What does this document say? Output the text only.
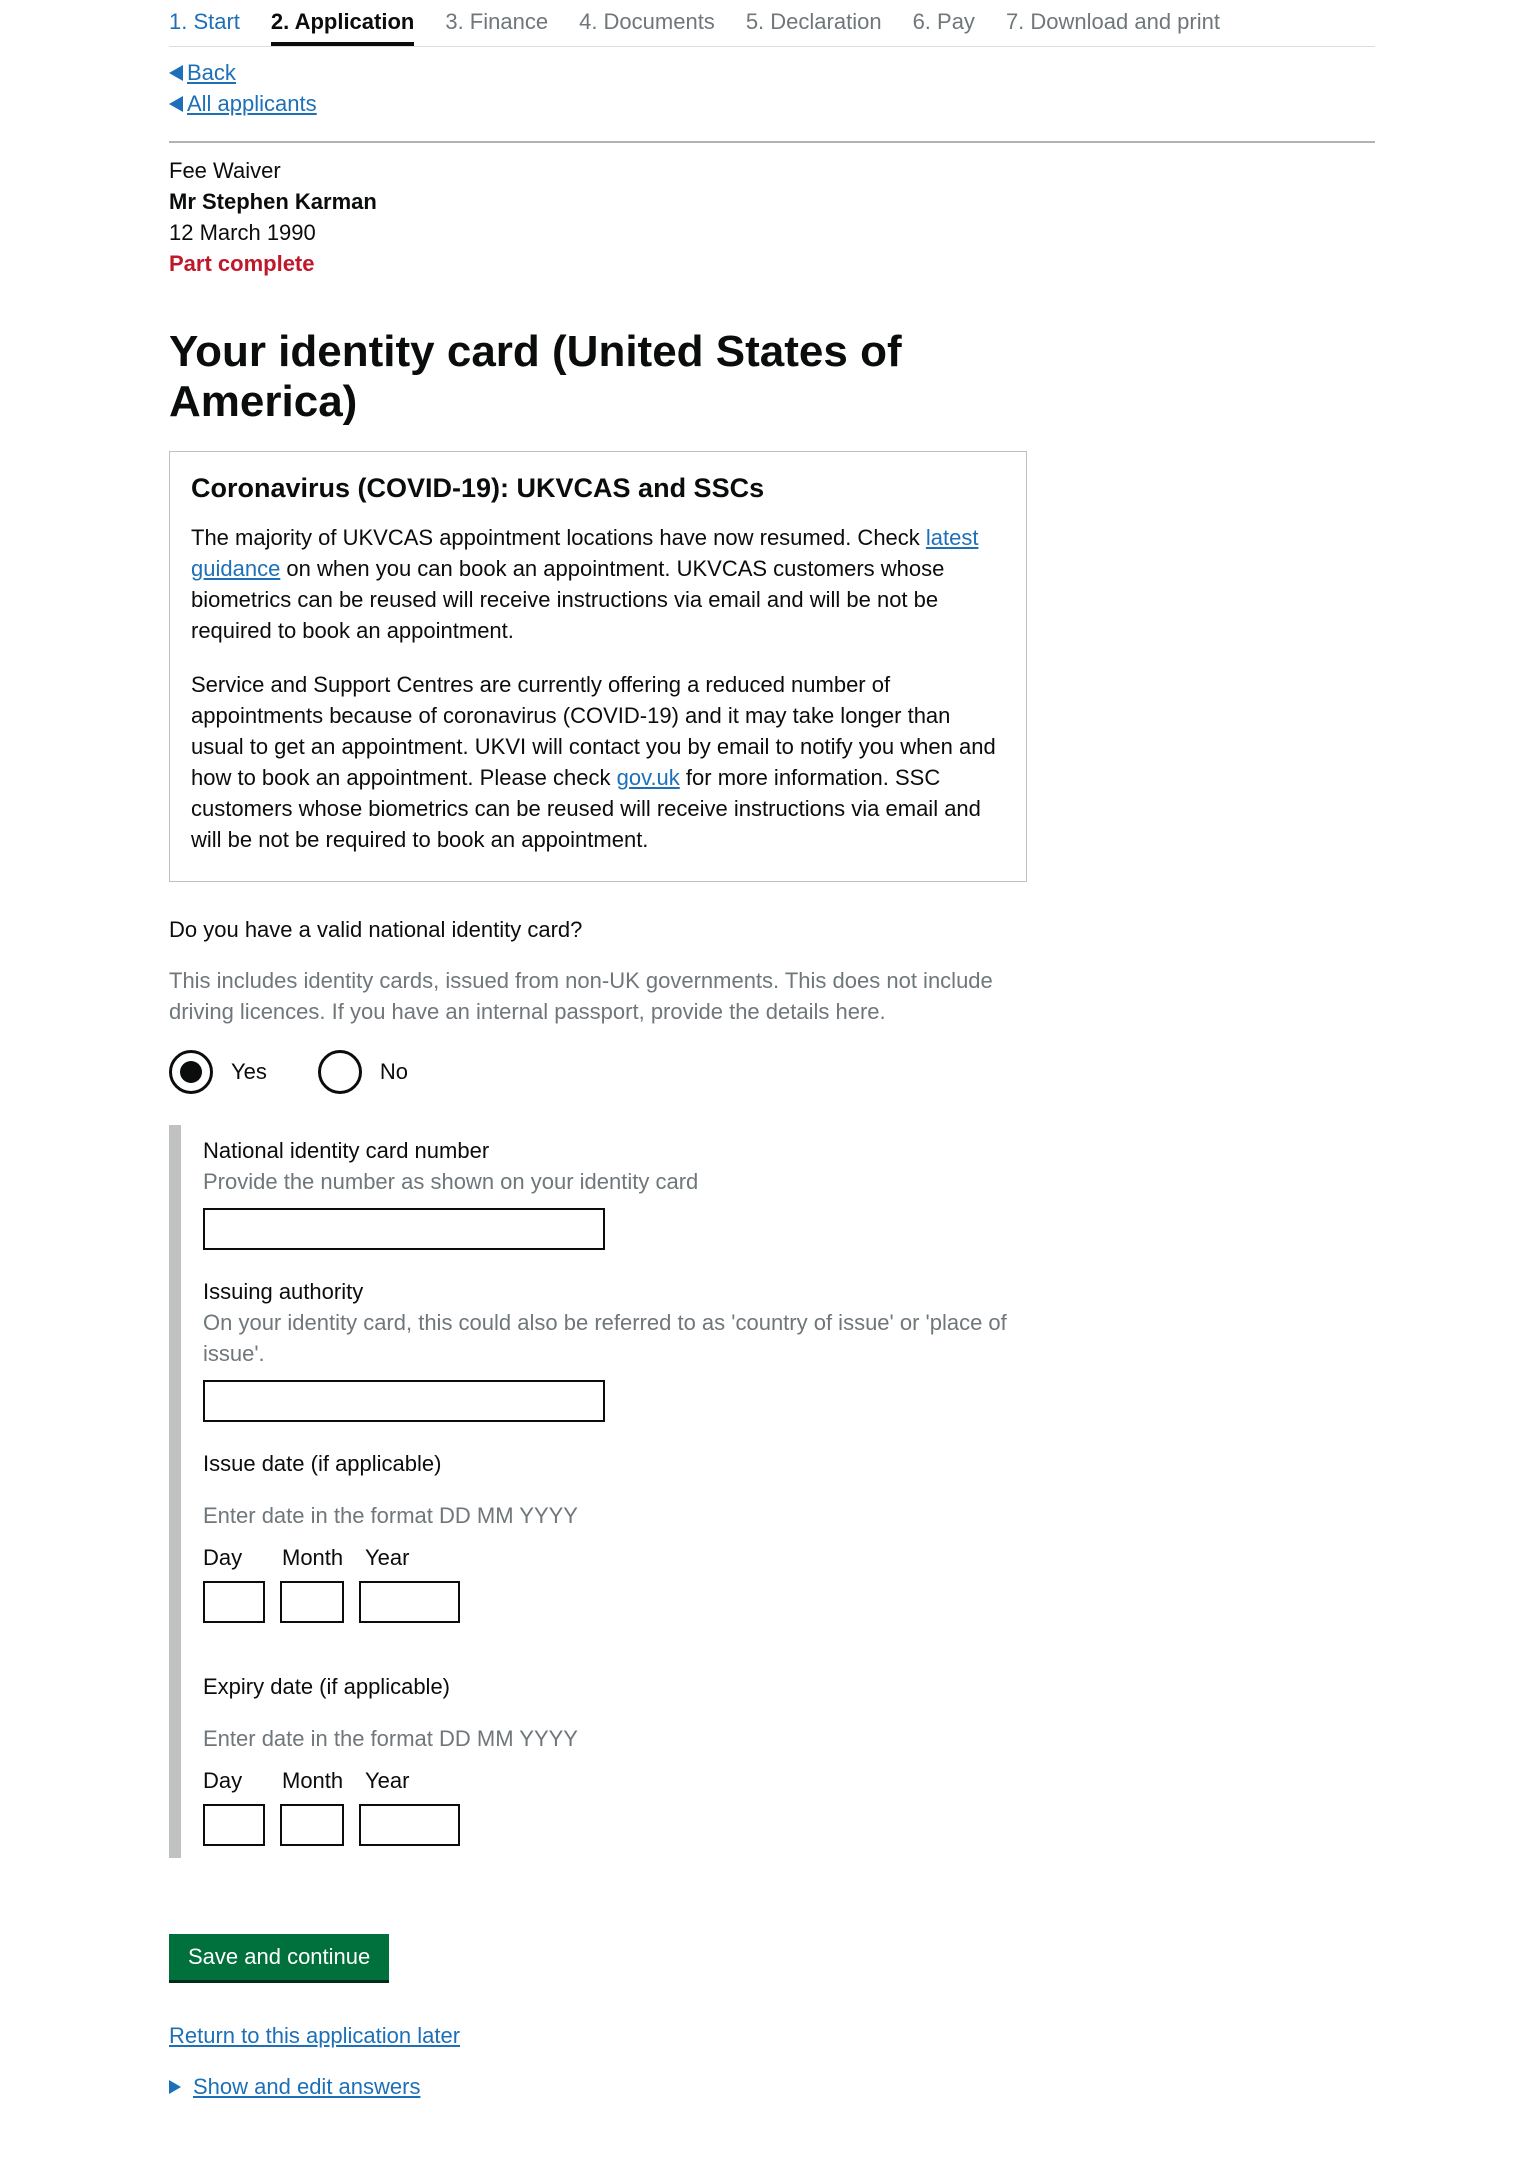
1. Start 2. Application 3. Finance 4. Documents 5. Declaration 6. Pay 7. Download and print
Back
All applicants
Fee Waiver
Mr Stephen Karman
12 March 1990
Part complete
Your identity card (United States of America)
Coronavirus (COVID-19): UKVCAS and SSCs

The majority of UKVCAS appointment locations have now resumed. Check latest guidance on when you can book an appointment. UKVCAS customers whose biometrics can be reused will receive instructions via email and will be not be required to book an appointment.

Service and Support Centres are currently offering a reduced number of appointments because of coronavirus (COVID-19) and it may take longer than usual to get an appointment. UKVI will contact you by email to notify you when and how to book an appointment. Please check gov.uk for more information. SSC customers whose biometrics can be reused will receive instructions via email and will be not be required to book an appointment.

Do you have a valid national identity card?
This includes identity cards, issued from non-UK governments. This does not include driving licences. If you have an internal passport, provide the details here.
Yes	No
National identity card number
Provide the number as shown on your identity card
Issuing authority
On your identity card, this could also be referred to as 'country of issue' or 'place of issue'.
Issue date (if applicable)
Enter date in the format DD MM YYYY
Day	Month Year
Expiry date (if applicable)
Enter date in the format DD MM YYYY
Day	Month Year
Save and continue
Return to this application later
Show and edit answers
